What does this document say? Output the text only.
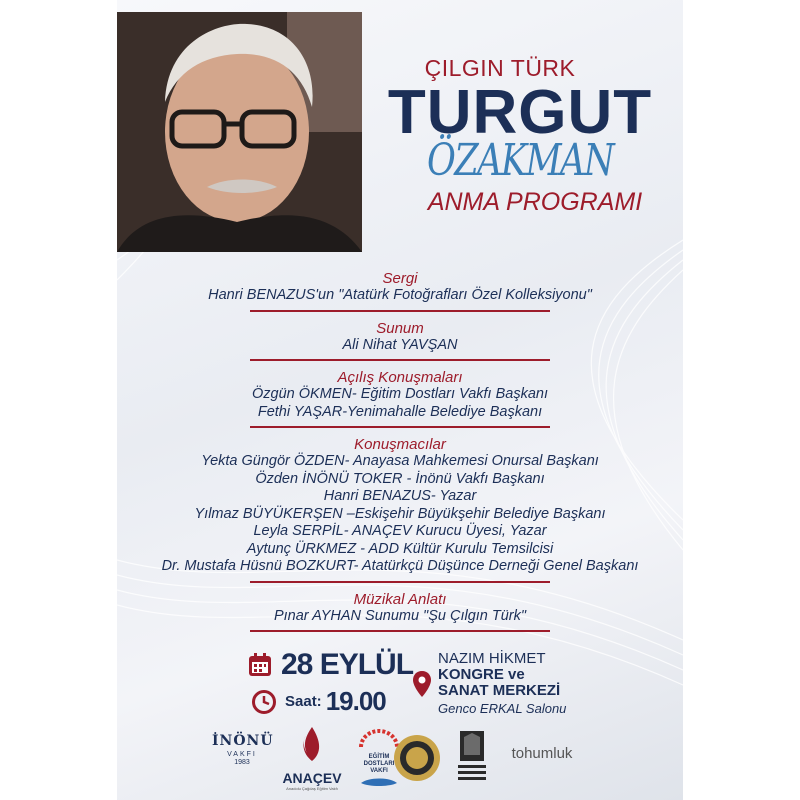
ÇILGIN TÜRK
TURGUT
ÖZAKMAN
ANMA PROGRAMI
Sergi
Hanri BENAZUS'un "Atatürk Fotoğrafları Özel Kolleksiyonu"
Sunum
Ali Nihat YAVŞAN
Açılış Konuşmaları
Özgün ÖKMEN- Eğitim Dostları Vakfı Başkanı
Fethi YAŞAR-Yenimahalle Belediye Başkanı
Konuşmacılar
Yekta Güngör ÖZDEN- Anayasa Mahkemesi Onursal Başkanı
Özden İNÖNÜ TOKER - İnönü Vakfı Başkanı
Hanri BENAZUS- Yazar
Yılmaz BÜYÜKERŞEN –Eskişehir Büyükşehir Belediye Başkanı
Leyla SERPİL- ANAÇEV Kurucu Üyesi, Yazar
Aytunç ÜRKMEZ - ADD Kültür Kurulu Temsilcisi
Dr. Mustafa Hüsnü BOZKURT- Atatürkçü Düşünce Derneği Genel Başkanı
Müzikal Anlatı
Pınar AYHAN Sunumu "Şu Çılgın Türk"
28 EYLÜL
Saat: 19.00
NAZIM HİKMET
KONGRE ve
SANAT MERKEZİ
Genco ERKAL Salonu
İNÖNÜ
VAKFI
1983
ANAÇEV
Anadolu Çağdaş Eğitim Vakfı
EĞİTİM
DOSTLARI
VAKFI
tohumluk
